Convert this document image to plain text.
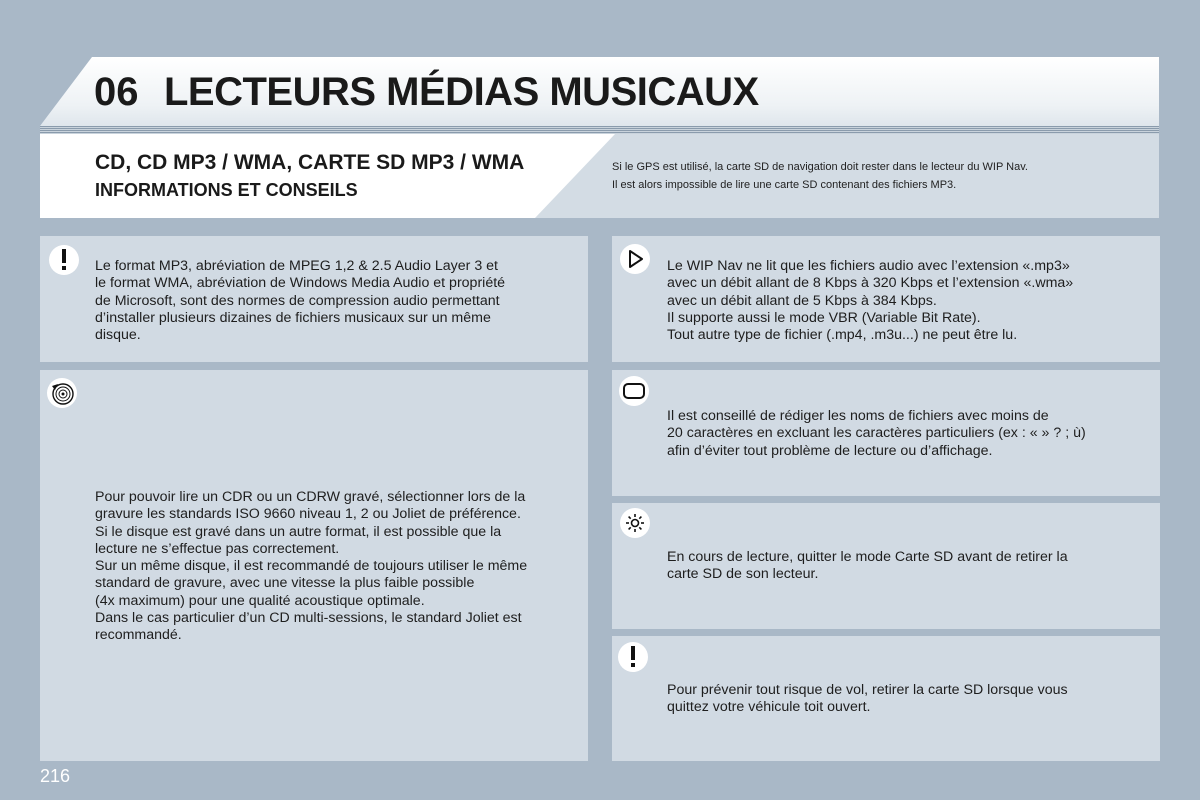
06 LECTEURS MÉDIAS MUSICAUX
CD, CD MP3 / WMA, CARTE SD MP3 / WMA
INFORMATIONS ET CONSEILS

Si le GPS est utilisé, la carte SD de navigation doit rester dans le lecteur du WIP Nav.

Il est alors impossible de lire une carte SD contenant des fichiers MP3.

Le format MP3, abréviation de MPEG 1,2 & 2.5 Audio Layer 3 et
le format WMA, abréviation de Windows Media Audio et propriété
de Microsoft, sont des normes de compression audio permettant
d’installer plusieurs dizaines de fichiers musicaux sur un même
disque.
Pour pouvoir lire un CDR ou un CDRW gravé, sélectionner lors de la
gravure les standards ISO 9660 niveau 1, 2 ou Joliet de préférence.
Si le disque est gravé dans un autre format, il est possible que la
lecture ne s’effectue pas correctement.
Sur un même disque, il est recommandé de toujours utiliser le même
standard de gravure, avec une vitesse la plus faible possible
(4x maximum) pour une qualité acoustique optimale.
Dans le cas particulier d’un CD multi-sessions, le standard Joliet est
recommandé.
Le WIP Nav ne lit que les fichiers audio avec l’extension «.mp3»
avec un débit allant de 8 Kbps à 320 Kbps et l’extension «.wma»
avec un débit allant de 5 Kbps à 384 Kbps.
Il supporte aussi le mode VBR (Variable Bit Rate).
Tout autre type de fichier (.mp4, .m3u...) ne peut être lu.
Il est conseillé de rédiger les noms de fichiers avec moins de
20 caractères en excluant les caractères particuliers (ex : « » ? ; ù)
afin d’éviter tout problème de lecture ou d’affichage.
En cours de lecture, quitter le mode Carte SD avant de retirer la
carte SD de son lecteur.
Pour prévenir tout risque de vol, retirer la carte SD lorsque vous
quittez votre véhicule toit ouvert.
216
